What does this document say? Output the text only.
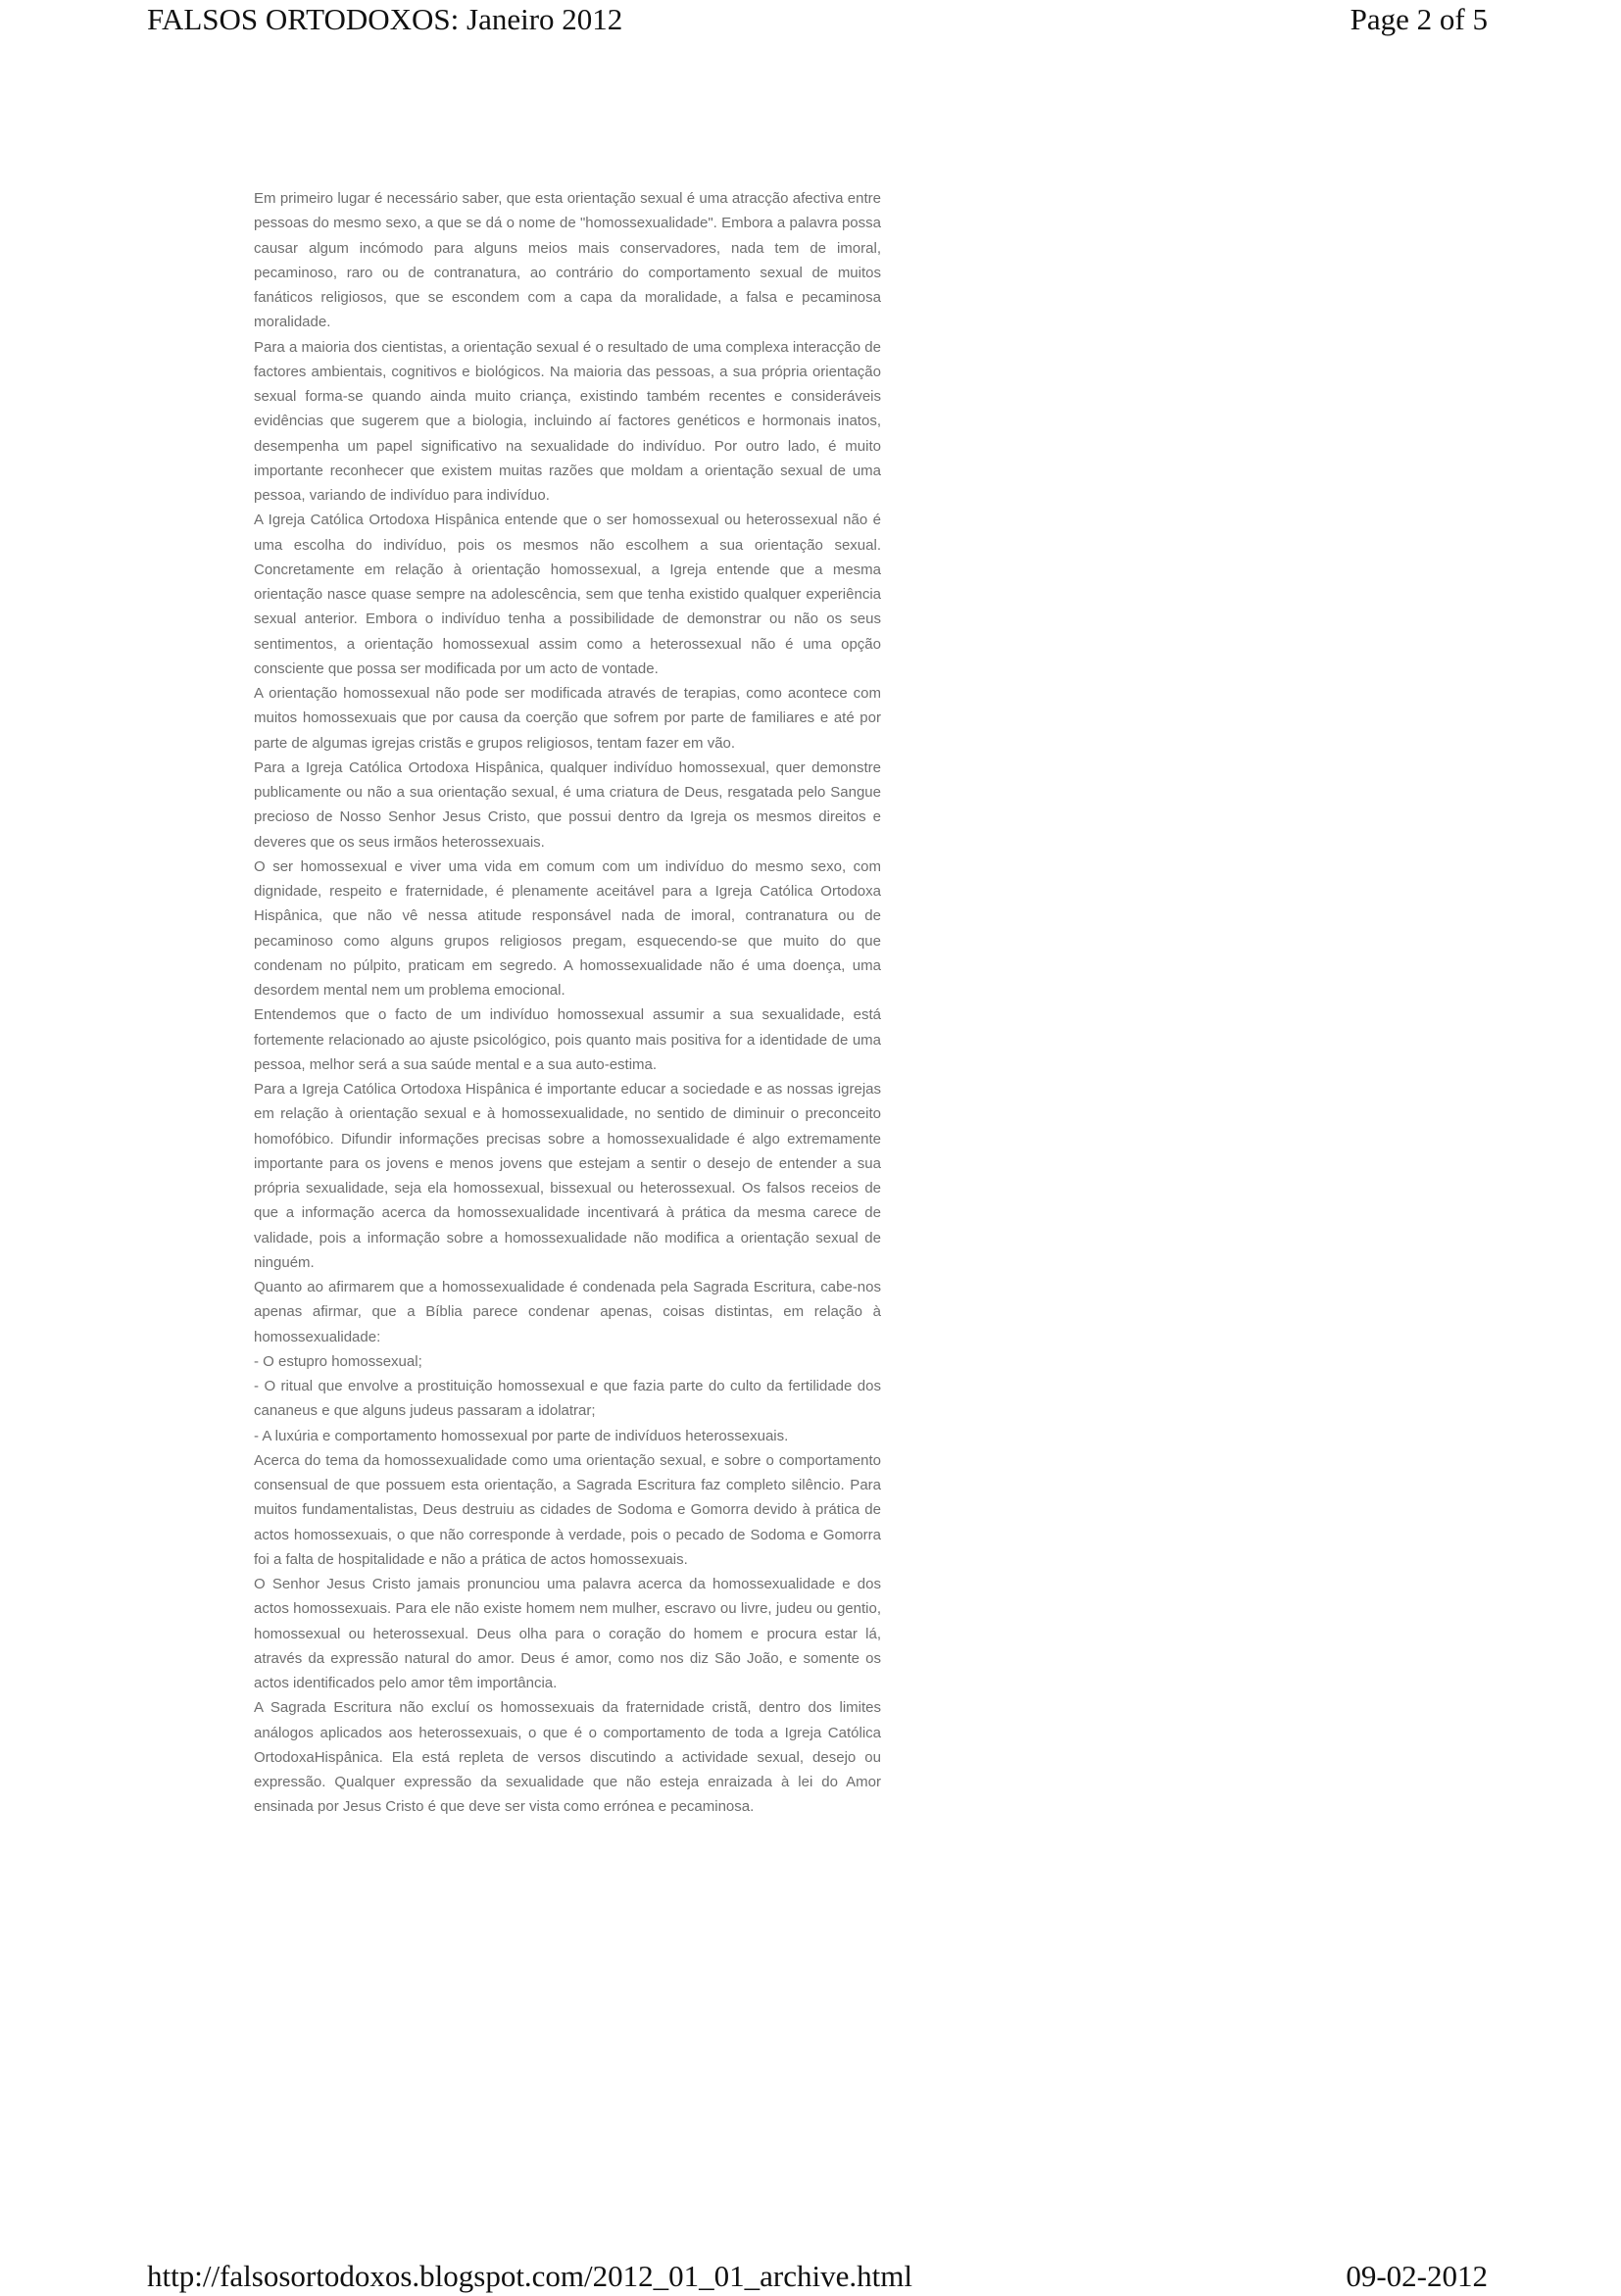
FALSOS ORTODOXOS: Janeiro 2012	Page 2 of 5

Em primeiro lugar é necessário saber, que esta orientação sexual é uma atracção afectiva entre pessoas do mesmo sexo, a que se dá o nome de "homossexualidade". Embora a palavra possa causar algum incómodo para alguns meios mais conservadores, nada tem de imoral, pecaminoso, raro ou de contranatura, ao contrário do comportamento sexual de muitos fanáticos religiosos, que se escondem com a capa da moralidade, a falsa e pecaminosa moralidade.

Para a maioria dos cientistas, a orientação sexual é o resultado de uma complexa interacção de factores ambientais, cognitivos e biológicos. Na maioria das pessoas, a sua própria orientação sexual forma-se quando ainda muito criança, existindo também recentes e consideráveis evidências que sugerem que a biologia, incluindo aí factores genéticos e hormonais inatos, desempenha um papel significativo na sexualidade do indivíduo. Por outro lado, é muito importante reconhecer que existem muitas razões que moldam a orientação sexual de uma pessoa, variando de indivíduo para indivíduo.

A Igreja Católica Ortodoxa Hispânica entende que o ser homossexual ou heterossexual não é uma escolha do indivíduo, pois os mesmos não escolhem a sua orientação sexual. Concretamente em relação à orientação homossexual, a Igreja entende que a mesma orientação nasce quase sempre na adolescência, sem que tenha existido qualquer experiência sexual anterior. Embora o indivíduo tenha a possibilidade de demonstrar ou não os seus sentimentos, a orientação homossexual assim como a heterossexual não é uma opção consciente que possa ser modificada por um acto de vontade.

A orientação homossexual não pode ser modificada através de terapias, como acontece com muitos homossexuais que por causa da coerção que sofrem por parte de familiares e até por parte de algumas igrejas cristãs e grupos religiosos, tentam fazer em vão.

Para a Igreja Católica Ortodoxa Hispânica, qualquer indivíduo homossexual, quer demonstre publicamente ou não a sua orientação sexual, é uma criatura de Deus, resgatada pelo Sangue precioso de Nosso Senhor Jesus Cristo, que possui dentro da Igreja os mesmos direitos e deveres que os seus irmãos heterossexuais.

O ser homossexual e viver uma vida em comum com um indivíduo do mesmo sexo, com dignidade, respeito e fraternidade, é plenamente aceitável para a Igreja Católica Ortodoxa Hispânica, que não vê nessa atitude responsável nada de imoral, contranatura ou de pecaminoso como alguns grupos religiosos pregam, esquecendo-se que muito do que condenam no púlpito, praticam em segredo. A homossexualidade não é uma doença, uma desordem mental nem um problema emocional.

Entendemos que o facto de um indivíduo homossexual assumir a sua sexualidade, está fortemente relacionado ao ajuste psicológico, pois quanto mais positiva for a identidade de uma pessoa, melhor será a sua saúde mental e a sua auto-estima.

Para a Igreja Católica Ortodoxa Hispânica é importante educar a sociedade e as nossas igrejas em relação à orientação sexual e à homossexualidade, no sentido de diminuir o preconceito homofóbico. Difundir informações precisas sobre a homossexualidade é algo extremamente importante para os jovens e menos jovens que estejam a sentir o desejo de entender a sua própria sexualidade, seja ela homossexual, bissexual ou heterossexual. Os falsos receios de que a informação acerca da homossexualidade incentivará à prática da mesma carece de validade, pois a informação sobre a homossexualidade não modifica a orientação sexual de ninguém.

Quanto ao afirmarem que a homossexualidade é condenada pela Sagrada Escritura, cabe-nos apenas afirmar, que a Bíblia parece condenar apenas, coisas distintas, em relação à homossexualidade:

- O estupro homossexual;

- O ritual que envolve a prostituição homossexual e que fazia parte do culto da fertilidade dos cananeus e que alguns judeus passaram a idolatrar;

- A luxúria e comportamento homossexual por parte de indivíduos heterossexuais.

Acerca do tema da homossexualidade como uma orientação sexual, e sobre o comportamento consensual de que possuem esta orientação, a Sagrada Escritura faz completo silêncio. Para muitos fundamentalistas, Deus destruiu as cidades de Sodoma e Gomorra devido à prática de actos homossexuais, o que não corresponde à verdade, pois o pecado de Sodoma e Gomorra foi a falta de hospitalidade e não a prática de actos homossexuais.

O Senhor Jesus Cristo jamais pronunciou uma palavra acerca da homossexualidade e dos actos homossexuais. Para ele não existe homem nem mulher, escravo ou livre, judeu ou gentio, homossexual ou heterossexual. Deus olha para o coração do homem e procura estar lá, através da expressão natural do amor. Deus é amor, como nos diz São João, e somente os actos identificados pelo amor têm importância.

A Sagrada Escritura não excluí os homossexuais da fraternidade cristã, dentro dos limites análogos aplicados aos heterossexuais, o que é o comportamento de toda a Igreja Católica OrtodoxaHispânica. Ela está repleta de versos discutindo a actividade sexual, desejo ou expressão. Qualquer expressão da sexualidade que não esteja enraizada à lei do Amor ensinada por Jesus Cristo é que deve ser vista como errónea e pecaminosa.

http://falsosortodoxos.blogspot.com/2012_01_01_archive.html	09-02-2012
